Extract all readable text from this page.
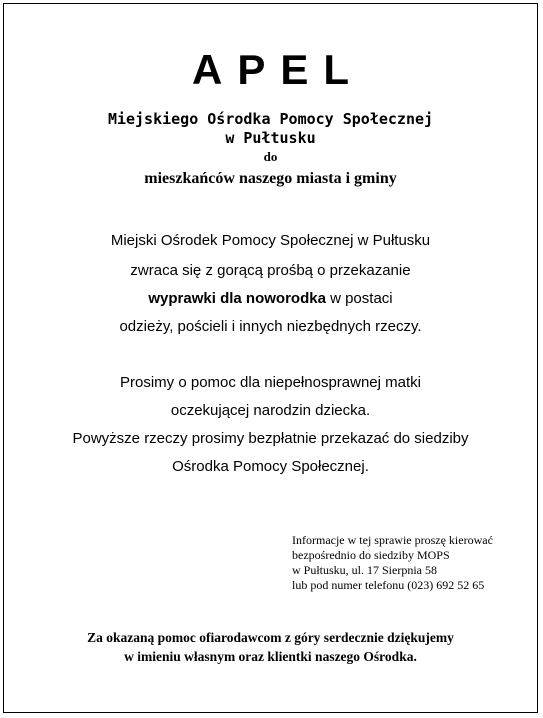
APEL
Miejskiego Ośrodka Pomocy Społecznej
w Pułtusku
do
mieszkańców naszego miasta i gminy
Miejski Ośrodek Pomocy Społecznej w Pułtusku
zwraca się z gorącą prośbą o przekazanie
wyprawki dla noworodka w postaci
odzieży, pościeli i innych niezbędnych rzeczy.
Prosimy o pomoc dla niepełnosprawnej matki
oczekującej narodzin dziecka.
Powyższe rzeczy prosimy bezpłatnie przekazać do siedziby
Ośrodka Pomocy Społecznej.
Informacje w tej sprawie proszę kierować
bezpośrednio do siedziby MOPS
w Pułtusku, ul. 17 Sierpnia 58
lub pod numer telefonu (023) 692 52 65
Za okazaną pomoc ofiarodawcom z góry serdecznie dziękujemy
w imieniu własnym oraz klientki naszego Ośrodka.
